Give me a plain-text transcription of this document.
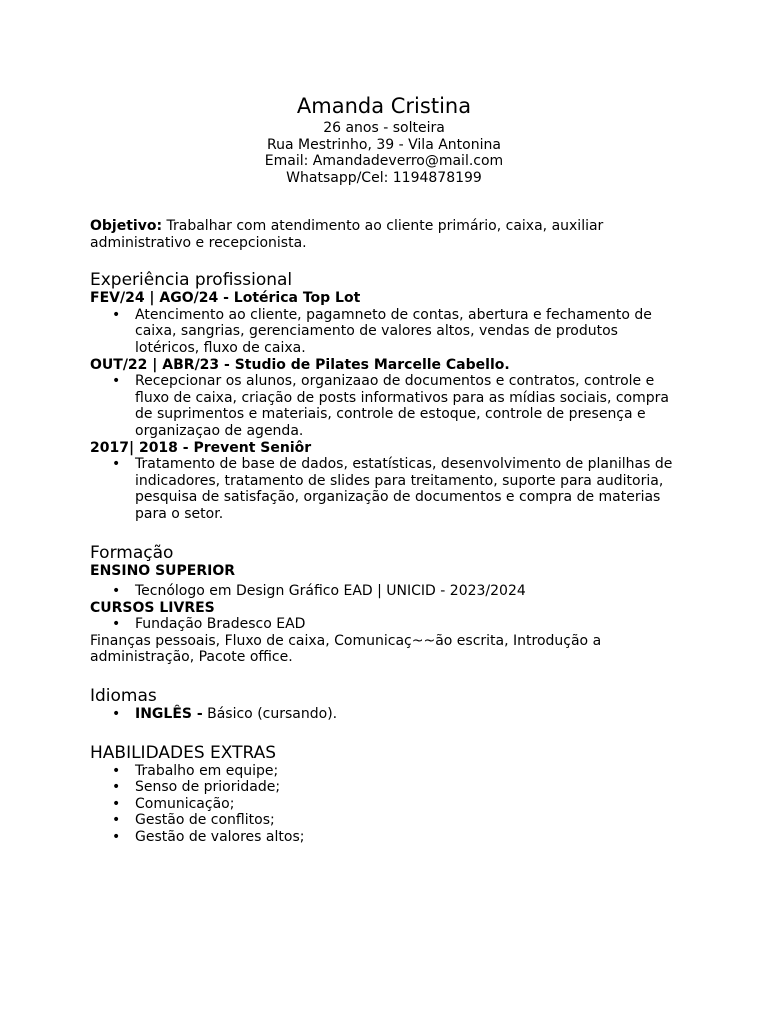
Amanda Cristina
26 anos - solteira
Rua Mestrinho, 39 - Vila Antonina
Email: Amandadeverro@mail.com
Whatsapp/Cel: 1194878199

Objetivo: Trabalhar com atendimento ao cliente primário, caixa, auxiliar administrativo e recepcionista.

Experiência profissional

FEV/24 | AGO/24 - Lotérica Top Lot

• Atencimento ao cliente, pagamneto de contas, abertura e fechamento de caixa, sangrias, gerenciamento de valores altos, vendas de produtos lotéricos, fluxo de caixa.

OUT/22 | ABR/23 - Studio de Pilates Marcelle Cabello.

• Recepcionar os alunos, organizaao de documentos e contratos, controle e fluxo de caixa, criação de posts informativos para as mídias sociais, compra de suprimentos e materiais, controle de estoque, controle de presença e organizaçao de agenda.

2017| 2018 - Prevent Seniôr

• Tratamento de base de dados, estatísticas, desenvolvimento de planilhas de indicadores, tratamento de slides para treitamento, suporte para auditoria, pesquisa de satisfação, organização de documentos e compra de materias para o setor.
Formação

ENSINO SUPERIOR

• Tecnólogo em Design Gráfico EAD | UNICID - 2023/2024

CURSOS LIVRES

• Fundação Bradesco EAD

Finanças pessoais, Fluxo de caixa, Comunicaç~~ão escrita, Introdução a administração, Pacote office.

Idiomas
• INGLÊS - Básico (cursando).
HABILIDADES EXTRAS
• Trabalho em equipe;
• Senso de prioridade;
• Comunicação;
• Gestão de conflitos;
• Gestão de valores altos;
